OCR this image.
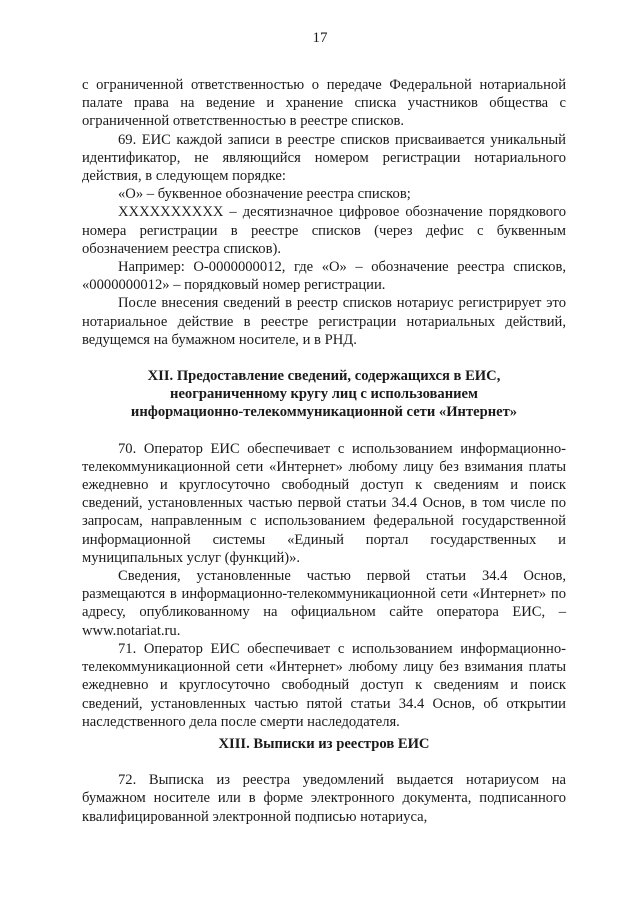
17

с ограниченной ответственностью о передаче Федеральной нотариальной палате права на ведение и хранение списка участников общества с ограниченной ответственностью в реестре списков.

69. ЕИС каждой записи в реестре списков присваивается уникальный идентификатор, не являющийся номером регистрации нотариального действия, в следующем порядке:

«О» – буквенное обозначение реестра списков;

XXXXXXXXXX – десятизначное цифровое обозначение порядкового номера регистрации в реестре списков (через дефис с буквенным обозначением реестра списков).

Например: О-0000000012, где «О» – обозначение реестра списков, «0000000012» – порядковый номер регистрации.

После внесения сведений в реестр списков нотариус регистрирует это нотариальное действие в реестре регистрации нотариальных действий, ведущемся на бумажном носителе, и в РНД.

XII. Предоставление сведений, содержащихся в ЕИС,
неограниченному кругу лиц с использованием
информационно-телекоммуникационной сети «Интернет»

70. Оператор ЕИС обеспечивает с использованием информационно-телекоммуникационной сети «Интернет» любому лицу без взимания платы ежедневно и круглосуточно свободный доступ к сведениям и поиск сведений, установленных частью первой статьи 34.4 Основ, в том числе по запросам, направленным с использованием федеральной государственной информационной системы «Единый портал государственных и муниципальных услуг (функций)».

Сведения, установленные частью первой статьи 34.4 Основ, размещаются в информационно-телекоммуникационной сети «Интернет» по адресу, опубликованному на официальном сайте оператора ЕИС, – www.notariat.ru.

71. Оператор ЕИС обеспечивает с использованием информационно-телекоммуникационной сети «Интернет» любому лицу без взимания платы ежедневно и круглосуточно свободный доступ к сведениям и поиск сведений, установленных частью пятой статьи 34.4 Основ, об открытии наследственного дела после смерти наследодателя.

XIII. Выписки из реестров ЕИС

72. Выписка из реестра уведомлений выдается нотариусом на бумажном носителе или в форме электронного документа, подписанного квалифицированной электронной подписью нотариуса,
